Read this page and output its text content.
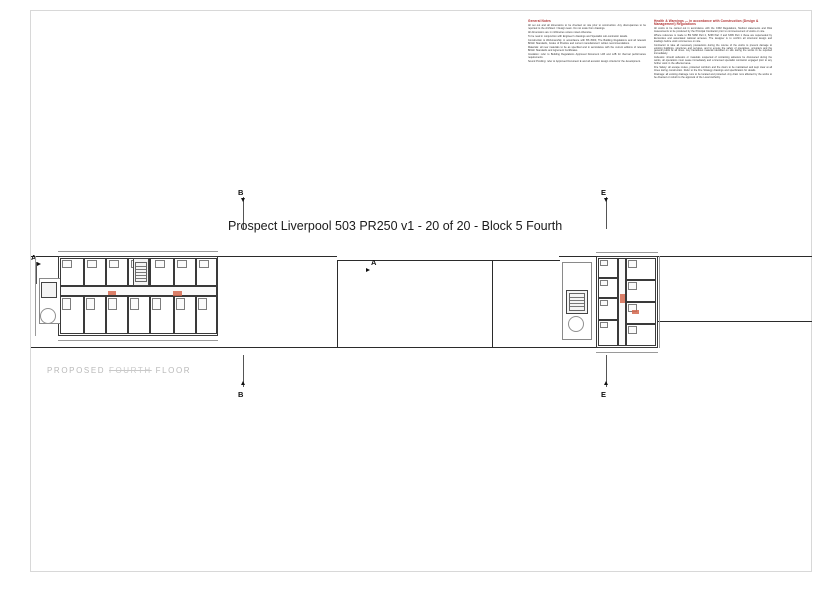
General Notes
All set out and all dimensions to be checked on site prior to construction. Any discrepancies to be reported to the Architect / Design team. Do not scale from drawings.
All dimensions are in millimetres unless noted otherwise.
To be read in conjunction with Engineer's drawings and Specialist sub-contractor details.
Construction & Workmanship: in accordance with BS 8000, The Building Regulations and all relevant British Standards, Codes of Practice and current manufacturers' written recommendations.
Materials: all new materials to be as specified and in accordance with the current editions of relevant British Standards and Agrement Certificates.
Insulation: refer to Building Regulations Approved Document L1B and L2B for thermal performance requirements.
Sound Proofing: refer to Approved Document E and all acoustic design criteria for the development.
Health & Warnings — in accordance with Construction (Design & Management) Regulations
All works to be carried out in accordance with the CDM Regulations, Method statements and Risk Assessments to be produced by the Principal Contractor prior to commencement of works on site.
Where reference is made to BS 5268 Part 2, 5268 Part 3 and 6399 Part 1 these are superseded by Eurocodes and associated national annexes. The designer is to confirm all structural design and loadings before work commences on site.
Contractor to take all necessary precautions during the course of the works to prevent damage to existing buildings, structures and services, and to ensure the safety of operatives, occupiers and the general public at all times. Any hazardous material identified on site during the works to be reported immediately.
Asbestos: should asbestos or materials suspected of containing asbestos be discovered during the works, all operations must cease immediately and a licensed specialist contractor engaged prior to any further work in the affected area.
Fire Safety: all escape routes, protected corridors and fire doors to be maintained and kept clear at all times during construction. Refer to the Fire Strategy drawings and specification for details.
Drainage: all existing drainage runs to be located and protected. Any drain runs affected by the works to be diverted or rebuilt to the approval of the Local Authority.
B	E
B	E
A
A
PROPOSED FOURTH FLOOR
Prospect Liverpool 503 PR250 v1 - 20 of 20 - Block 5 Fourth
